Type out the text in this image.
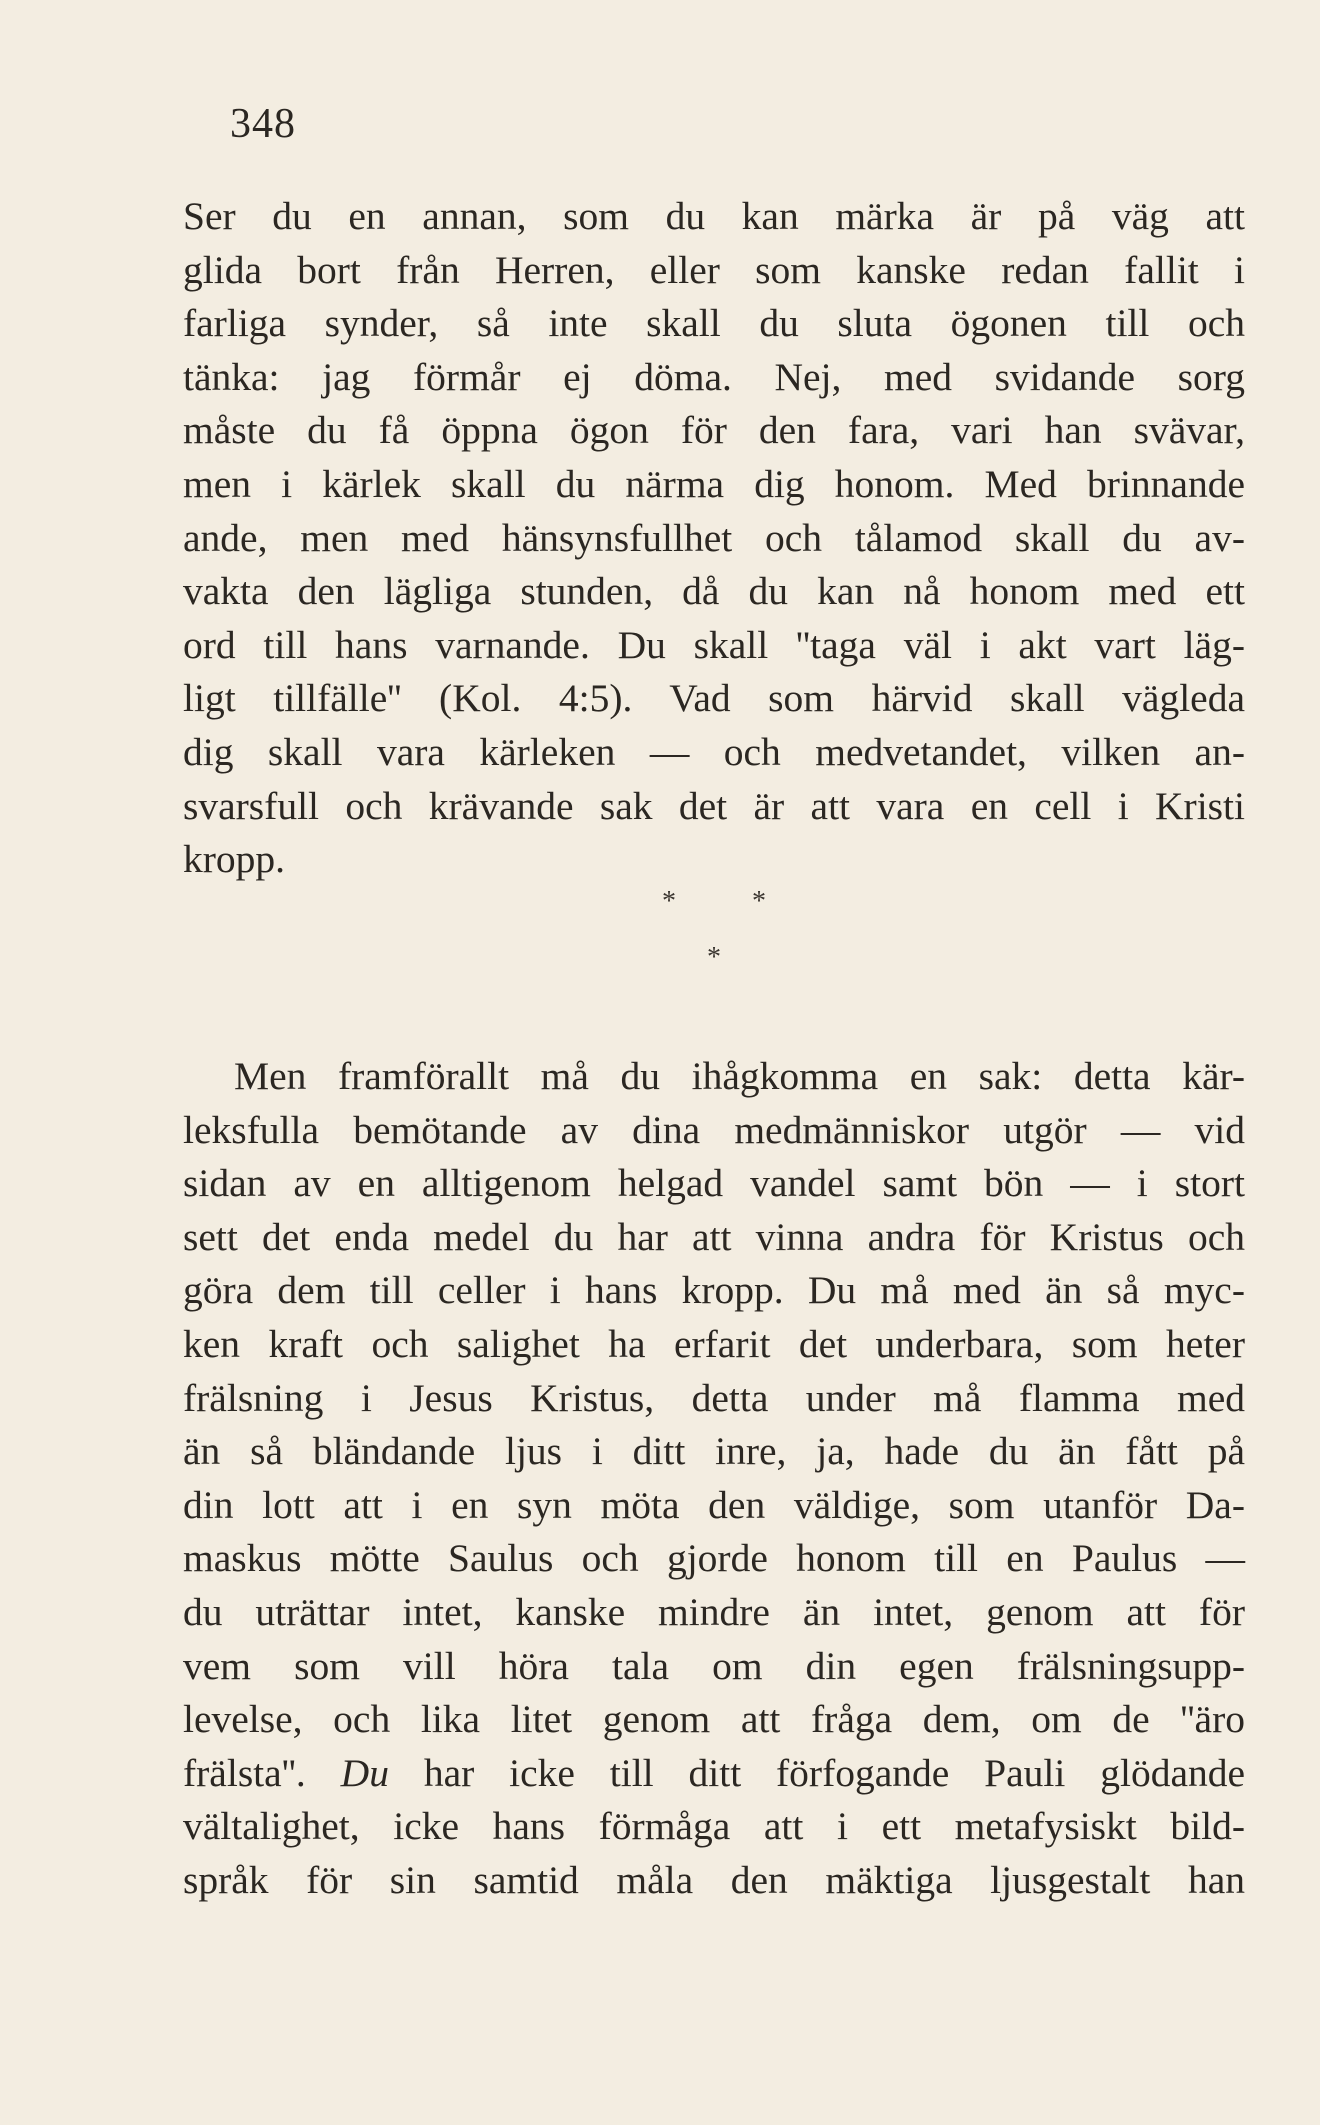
348
Ser du en annan, som du kan märka är på väg att
glida bort från Herren, eller som kanske redan fallit i
farliga synder, så inte skall du sluta ögonen till och
tänka: jag förmår ej döma. Nej, med svidande sorg
måste du få öppna ögon för den fara, vari han svävar,
men i kärlek skall du närma dig honom. Med brinnande
ande, men med hänsynsfullhet och tålamod skall du av-
vakta den lägliga stunden, då du kan nå honom med ett
ord till hans varnande. Du skall ''taga väl i akt vart läg-
ligt tillfälle'' (Kol. 4:5). Vad som härvid skall vägleda
dig skall vara kärleken — och medvetandet, vilken an-
svarsfull och krävande sak det är att vara en cell i Kristi
kropp.
*	*
*
Men framförallt må du ihågkomma en sak: detta kär-
leksfulla bemötande av dina medmänniskor utgör — vid
sidan av en alltigenom helgad vandel samt bön — i stort
sett det enda medel du har att vinna andra för Kristus och
göra dem till celler i hans kropp. Du må med än så myc-
ken kraft och salighet ha erfarit det underbara, som heter
frälsning i Jesus Kristus, detta under må flamma med
än så bländande ljus i ditt inre, ja, hade du än fått på
din lott att i en syn möta den väldige, som utanför Da-
maskus mötte Saulus och gjorde honom till en Paulus —
du uträttar intet, kanske mindre än intet, genom att för
vem som vill höra tala om din egen frälsningsupp-
levelse, och lika litet genom att fråga dem, om de ''äro
frälsta''. Du har icke till ditt förfogande Pauli glödande
vältalighet, icke hans förmåga att i ett metafysiskt bild-
språk för sin samtid måla den mäktiga ljusgestalt han
